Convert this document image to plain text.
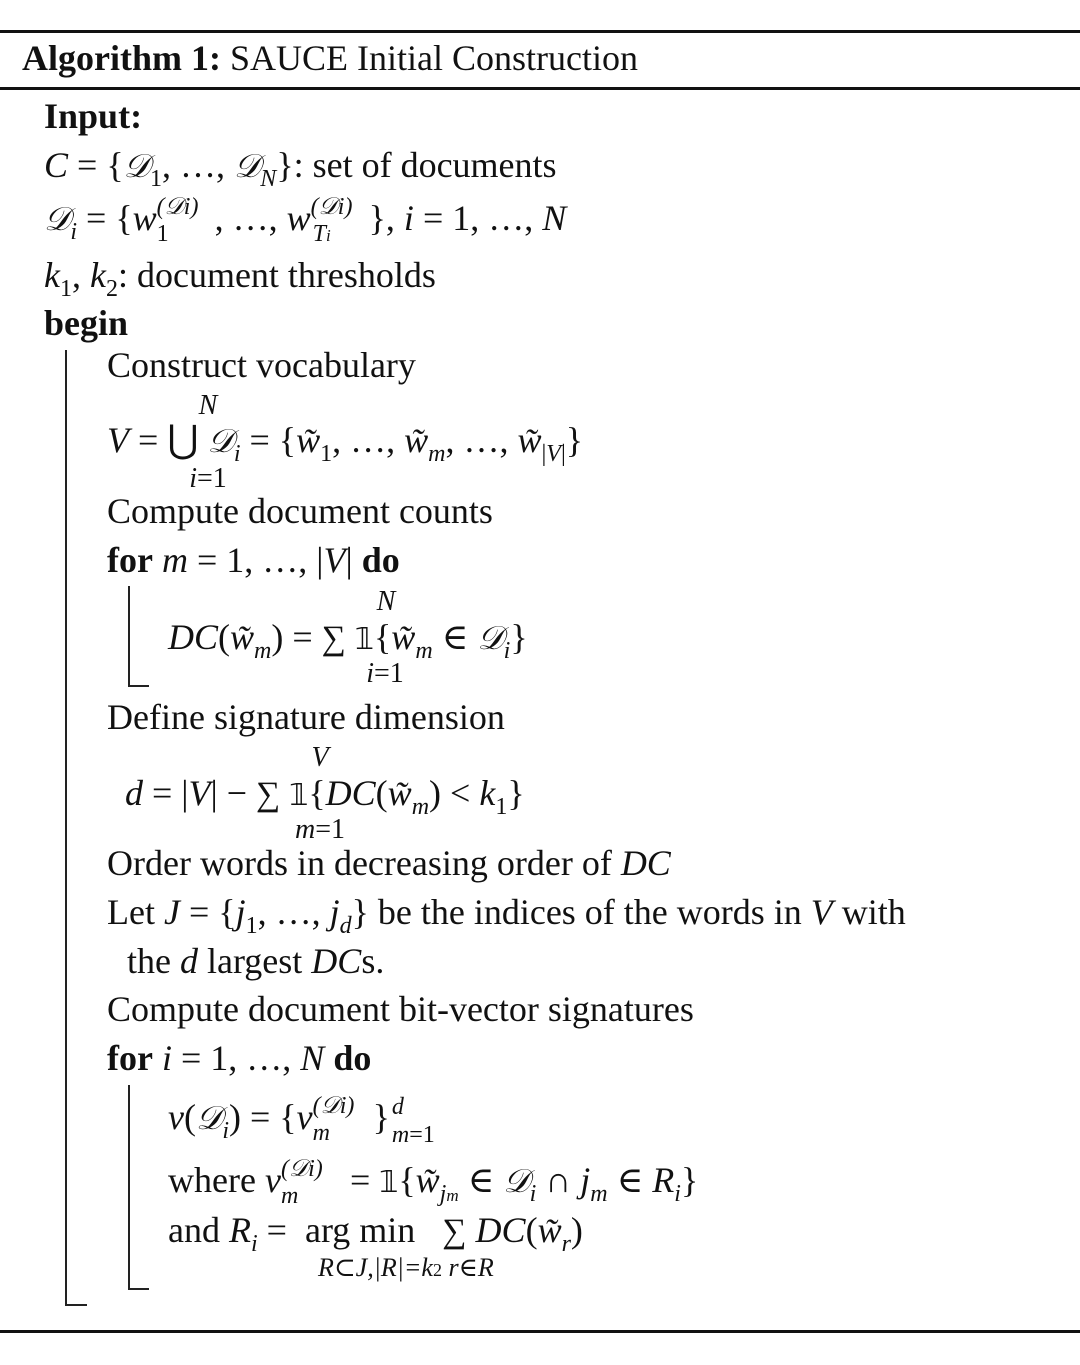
Algorithm 1: SAUCE Initial Construction
Input:
C = {𝒟$_1$, …, 𝒟$_N$}: set of documents
𝒟$_i$ = {w (𝒟i)
1 , …, w (𝒟i)
Ti }, i = 1, …, N
$k_1$, $k_2$: document thresholds
begin
Construct vocabulary
N
V = ⋃ 𝒟$_i$ = {$w̃_1$, …, $w̃_m$, …, $w̃_{|V|}$}
i=1
Compute document counts
for m = 1, …, |V| do
N
$DC(w̃_m)$ = ∑ $𝟙\{w̃_m$ ∈ 𝒟$_i$}
i=1
Define signature dimension
V
d = |V| − ∑ $𝟙\{DC(w̃_m) < k_1\}$
m=1
Order words in decreasing order of DC
Let $J = \{j_1$, …, $j_d$} be the indices of the words in V with
the d largest DCs.
Compute document bit-vector signatures
for i = 1, …, N do
v(𝒟$_i$) = {v (𝒟i)
m } d
m=1
where v (𝒟i)
$m = 𝟙\{w̃_{jm}$ ∈ 𝒟$_i$ ∩ $j_m$ ∈ $R_i$}
and $R_i$ =  arg min ∑ $DC(w̃_r)$
R⊂J,|R|=k2 r∈R
